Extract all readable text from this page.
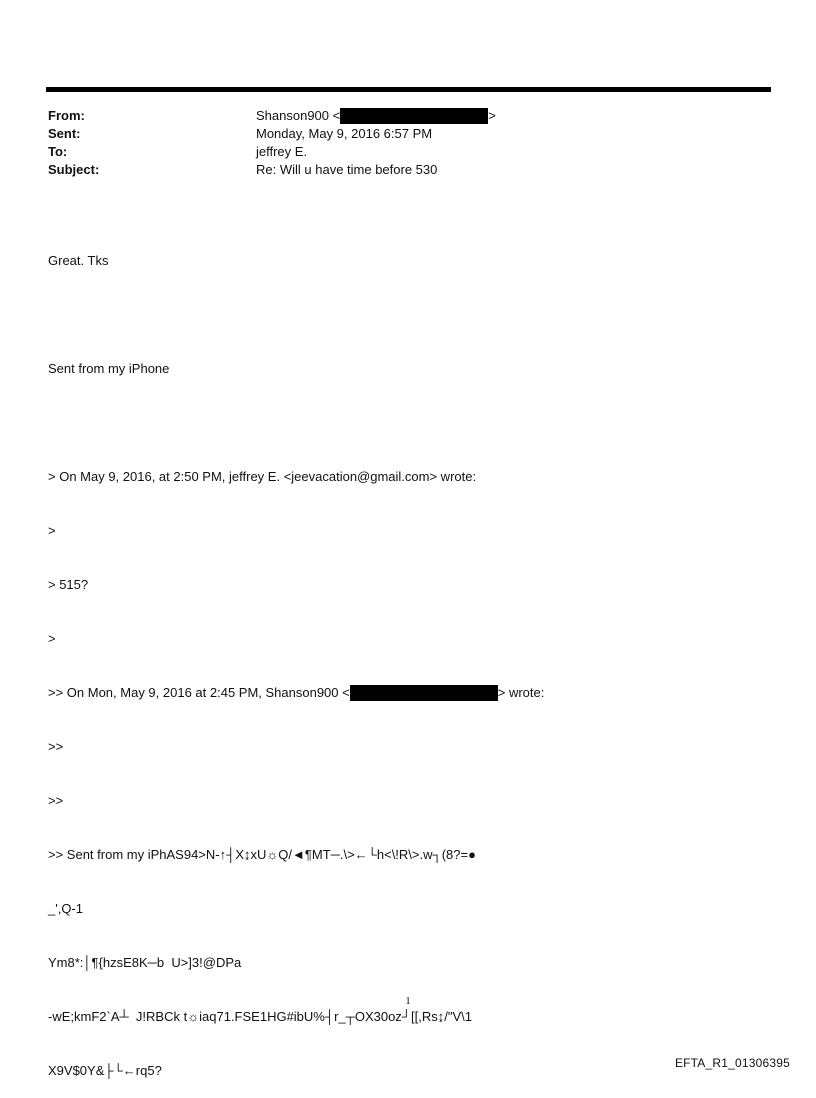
From:	Shanson900 <	>
Sent:	Monday, May 9, 2016 6:57 PM
To:	jeffrey E.
Subject:	Re: Will u have time before 530

Great. Tks

Sent from my iPhone

> On May 9, 2016, at 2:50 PM, jeffrey E. <jeevacation@gmail.com> wrote:

>

> 515?

>

>> On Mon, May 9, 2016 at 2:45 PM, Shanson900 <	> wrote:

>>

>>

>> Sent from my iPhAS94>N-↑┤X↨xU☼Q/◄¶MT─.\>←└h<\!R\>.w┐(8?=●

_',Q-1

Ym8*:│¶{hzsE8K─b  U>]3!@DPa

-wE;kmF2`A┴  J!RBCk t☼iaq71.FSE1HG#ibU%┤r_┬OX30oz┘[[,Rs↨/"V\1

X9V$0Y&├└←rq5?

1
EFTA_R1_01306395
